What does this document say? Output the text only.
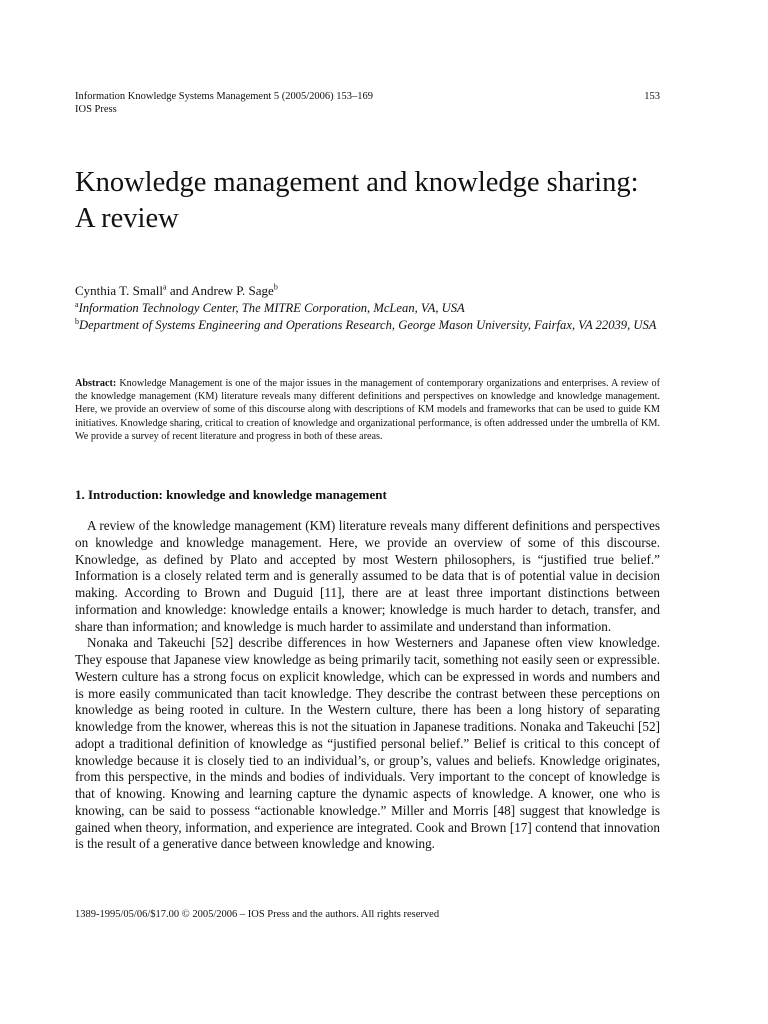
Information Knowledge Systems Management 5 (2005/2006) 153–169
IOS Press
153
Knowledge management and knowledge sharing: A review
Cynthia T. Small$^a$ and Andrew P. Sage$^b$
$^a$Information Technology Center, The MITRE Corporation, McLean, VA, USA
$^b$Department of Systems Engineering and Operations Research, George Mason University, Fairfax, VA 22039, USA

Abstract: Knowledge Management is one of the major issues in the management of contemporary organizations and enterprises. A review of the knowledge management (KM) literature reveals many different definitions and perspectives on knowledge and knowledge management. Here, we provide an overview of some of this discourse along with descriptions of KM models and frameworks that can be used to guide KM initiatives. Knowledge sharing, critical to creation of knowledge and organizational performance, is often addressed under the umbrella of KM. We provide a survey of recent literature and progress in both of these areas.

1. Introduction: knowledge and knowledge management

A review of the knowledge management (KM) literature reveals many different definitions and perspectives on knowledge and knowledge management. Here, we provide an overview of some of this discourse. Knowledge, as defined by Plato and accepted by most Western philosophers, is “justified true belief.” Information is a closely related term and is generally assumed to be data that is of potential value in decision making. According to Brown and Duguid [11], there are at least three important distinctions between information and knowledge: knowledge entails a knower; knowledge is much harder to detach, transfer, and share than information; and knowledge is much harder to assimilate and understand than information.

Nonaka and Takeuchi [52] describe differences in how Westerners and Japanese often view knowledge. They espouse that Japanese view knowledge as being primarily tacit, something not easily seen or expressible. Western culture has a strong focus on explicit knowledge, which can be expressed in words and numbers and is more easily communicated than tacit knowledge. They describe the contrast between these perceptions on knowledge as being rooted in culture. In the Western culture, there has been a long history of separating knowledge from the knower, whereas this is not the situation in Japanese traditions. Nonaka and Takeuchi [52] adopt a traditional definition of knowledge as “justified personal belief.” Belief is critical to this concept of knowledge because it is closely tied to an individual’s, or group’s, values and beliefs. Knowledge originates, from this perspective, in the minds and bodies of individuals. Very important to the concept of knowledge is that of knowing. Knowing and learning capture the dynamic aspects of knowledge. A knower, one who is knowing, can be said to possess “actionable knowledge.” Miller and Morris [48] suggest that knowledge is gained when theory, information, and experience are integrated. Cook and Brown [17] contend that innovation is the result of a generative dance between knowledge and knowing.

1389-1995/05/06/$17.00 © 2005/2006 – IOS Press and the authors. All rights reserved
